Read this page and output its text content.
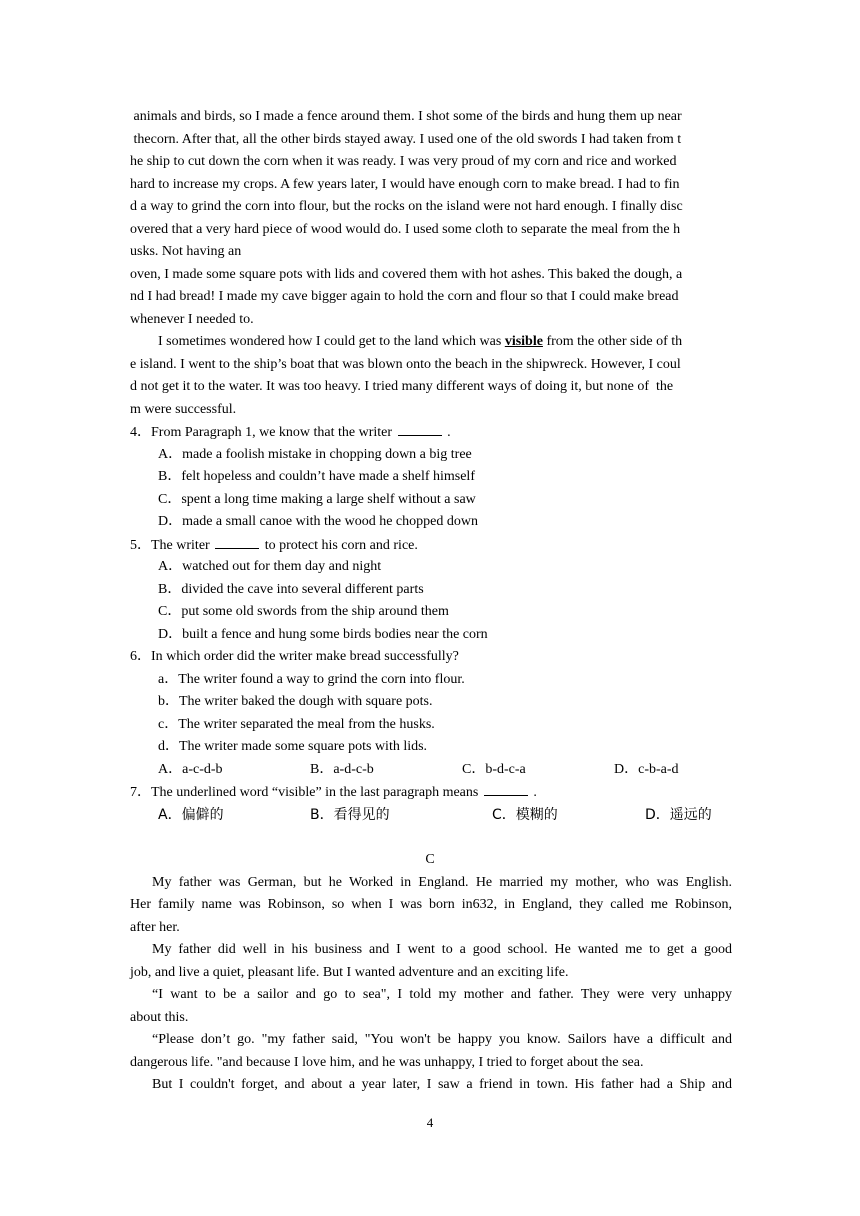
animals and birds, so I made a fence around them. I shot some of the birds and hung them up near
thecorn. After that, all the other birds stayed away. I used one of the old swords I had taken from t
he ship to cut down the corn when it was ready. I was very proud of my corn and rice and worked
hard to increase my crops. A few years later, I would have enough corn to make bread. I had to fin
d a way to grind the corn into flour, but the rocks on the island were not hard enough. I finally disc
overed that a very hard piece of wood would do. I used some cloth to separate the meal from the h
usks. Not having an
oven, I made some square pots with lids and covered them with hot ashes. This baked the dough, a
nd I had bread! I made my cave bigger again to hold the corn and flour so that I could make bread
whenever I needed to.
I sometimes wondered how I could get to the land which was visible from the other side of th
e island. I went to the ship’s boat that was blown onto the beach in the shipwreck. However, I coul
d not get it to the water. It was too heavy. I tried many different ways of doing it, but none of  the
m were successful.
4．From Paragraph 1, we know that the writer	.
A．made a foolish mistake in chopping down a big tree
B．felt hopeless and couldn’t have made a shelf himself
C．spent a long time making a large shelf without a saw
D．made a small canoe with the wood he chopped down
5．The writer	to protect his corn and rice.
A．watched out for them day and night
B．divided the cave into several different parts
C．put some old swords from the ship around them
D．built a fence and hung some birds bodies near the corn
6．In which order did the writer make bread successfully?
a．The writer found a way to grind the corn into flour.
b．The writer baked the dough with square pots.
c．The writer separated the meal from the husks.
d．The writer made some square pots with lids.
A．a-c-d-b	B．a-d-c-b	C．b-d-c-a	D．c-b-a-d
7．The underlined word “visible” in the last paragraph means	.
A．偏僻的	B．看得见的	C．模糊的	D．遥远的
C
My father was German, but he Worked in England. He married my mother, who was English.
Her family name was Robinson, so when I was born in632, in England, they called me Robinson,
after her.
My father did well in his business and I went to a good school. He wanted me to get a good
job, and live a quiet, pleasant life. But I wanted adventure and an exciting life.
“I want to be a sailor and go to sea", I told my mother and father. They were very unhappy
about this.
“Please don’t go. "my father said, "You won't be happy you know. Sailors have a difficult and
dangerous life. "and because I love him, and he was unhappy, I tried to forget about the sea.
But I couldn't forget, and about a year later, I saw a friend in town. His father had a Ship and
4
